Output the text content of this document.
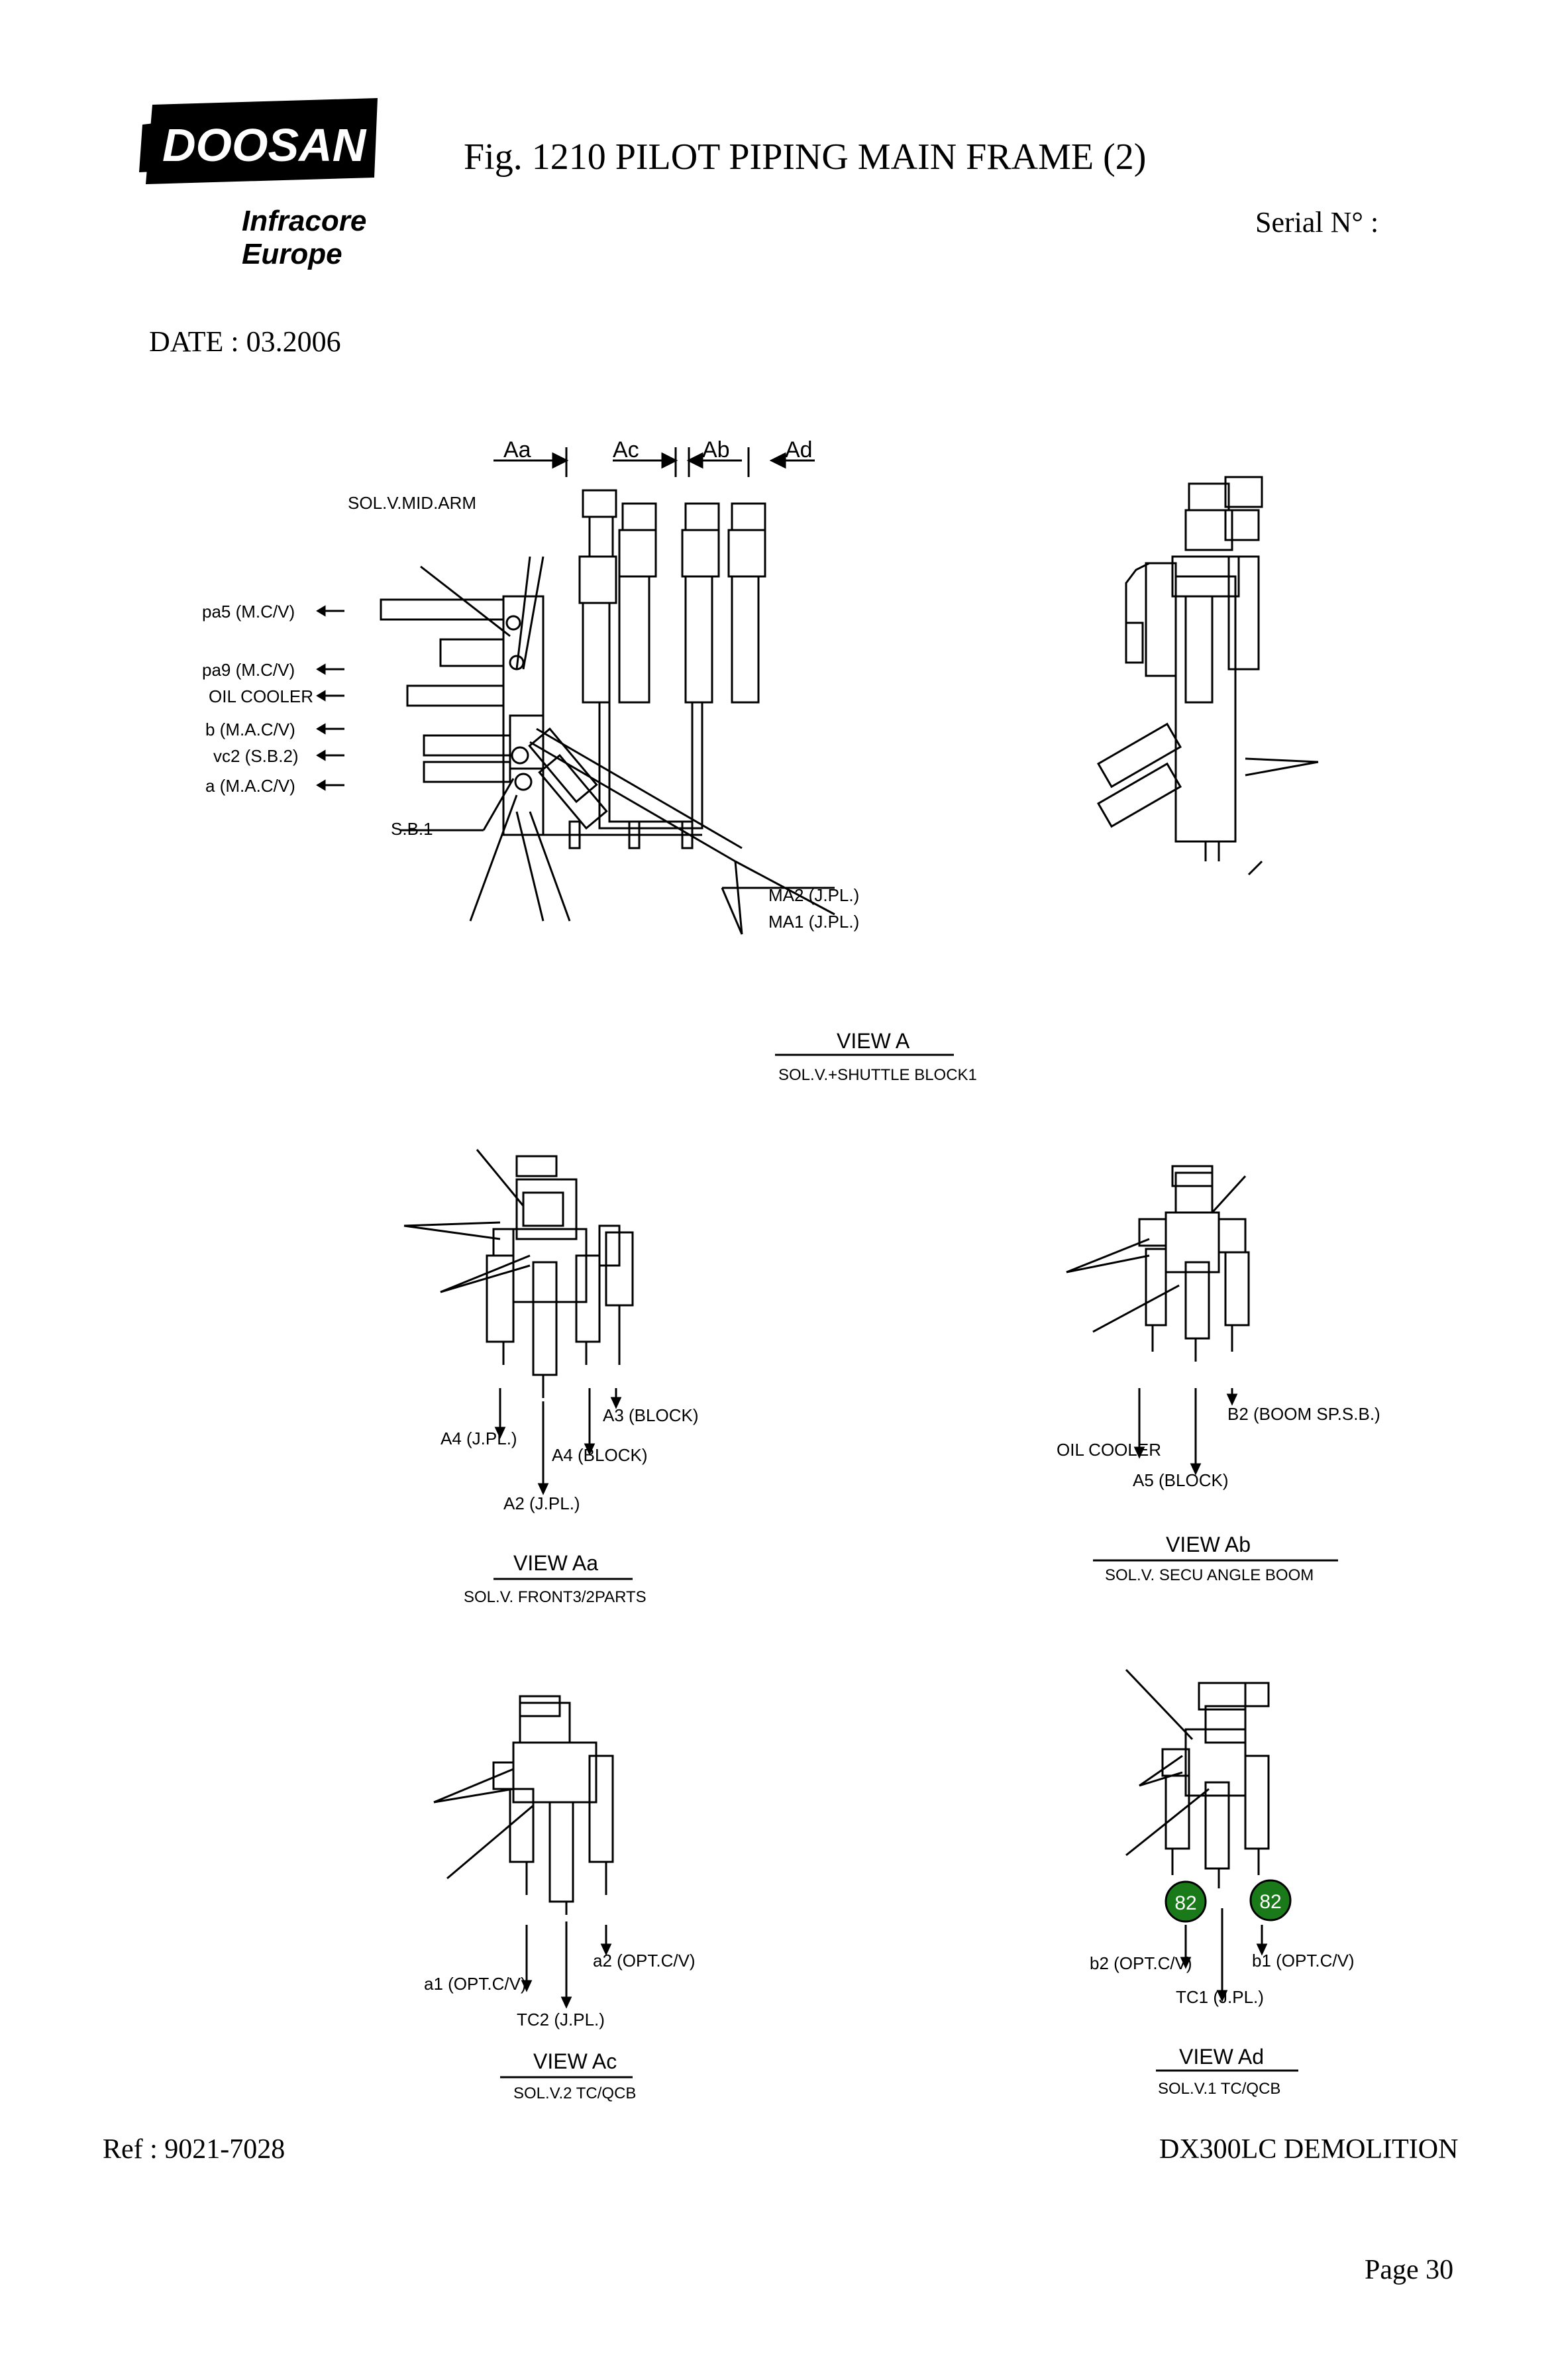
DOOSAN
Infracore
Europe
Fig. 1210 PILOT PIPING MAIN FRAME (2)
Serial N° :
DATE : 03.2006
82	82
Aa	Ac	Ab Ad
SOL.V.MID.ARM
pa5 (M.C/V)
pa9 (M.C/V)
OIL COOLER
b (M.A.C/V)
vc2 (S.B.2)
a (M.A.C/V)
S.B.1
MA2 (J.PL.)
MA1 (J.PL.)
VIEW A
SOL.V.+SHUTTLE BLOCK1
A3 (BLOCK)
A4 (J.PL.)
A4 (BLOCK)
A2 (J.PL.)
VIEW Aa
SOL.V. FRONT3/2PARTS
B2 (BOOM SP.S.B.)
OIL COOLER
A5 (BLOCK)
VIEW Ab
SOL.V. SECU ANGLE BOOM
a2 (OPT.C/V)
a1 (OPT.C/V)
TC2 (J.PL.)
VIEW Ac
SOL.V.2 TC/QCB
b2 (OPT.C/V)	b1 (OPT.C/V)
TC1 (J.PL.)
VIEW Ad
SOL.V.1 TC/QCB
Ref : 9021-7028	DX300LC DEMOLITION
Page 30
